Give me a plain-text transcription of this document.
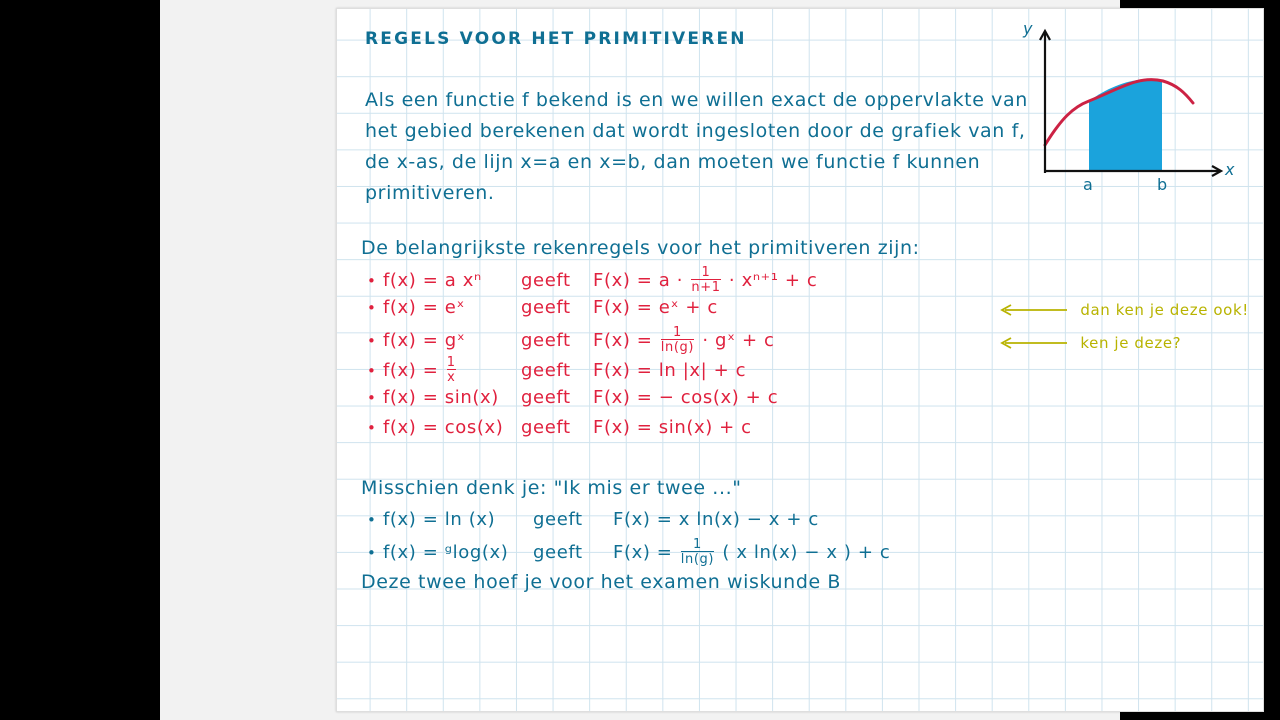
REGELS VOOR HET PRIMITIVEREN
Als een functie f bekend is en we willen exact de oppervlakte van het gebied berekenen dat wordt ingesloten door de grafiek van f, de x-as, de lijn x=a en x=b, dan moeten we functie f kunnen primitiveren.
De belangrijkste rekenregels voor het primitiveren zijn:
• f(x) = a xⁿ	geeft	$F(x) = a \cdot \frac{1}{n+1} \cdot x^{n+1} + c$
• f(x) = eˣ	geeft	F(x) = eˣ + c
• f(x) = gˣ	geeft	$F(x) = \frac{1}{\ln(g)}$ · gˣ + c
• $f(x) = \frac{1}{x}$	geeft	F(x) = ln |x| + c
• f(x) = sin(x)	geeft	F(x) = − cos(x) + c
• f(x) = cos(x) geeft	F(x) = sin(x) + c
dan ken je deze ook!
ken je deze?
Misschien denk je: "Ik mis er twee ..."
• f(x) = ln (x)	geeft	F(x) = x ln(x) − x + c
• f(x) = ᵍlog(x)	geeft	$F(x) = \frac{1}{\ln(g)}$ ( x ln(x) − x ) + c
Deze twee hoef je voor het examen wiskunde B
y
x
a	b
